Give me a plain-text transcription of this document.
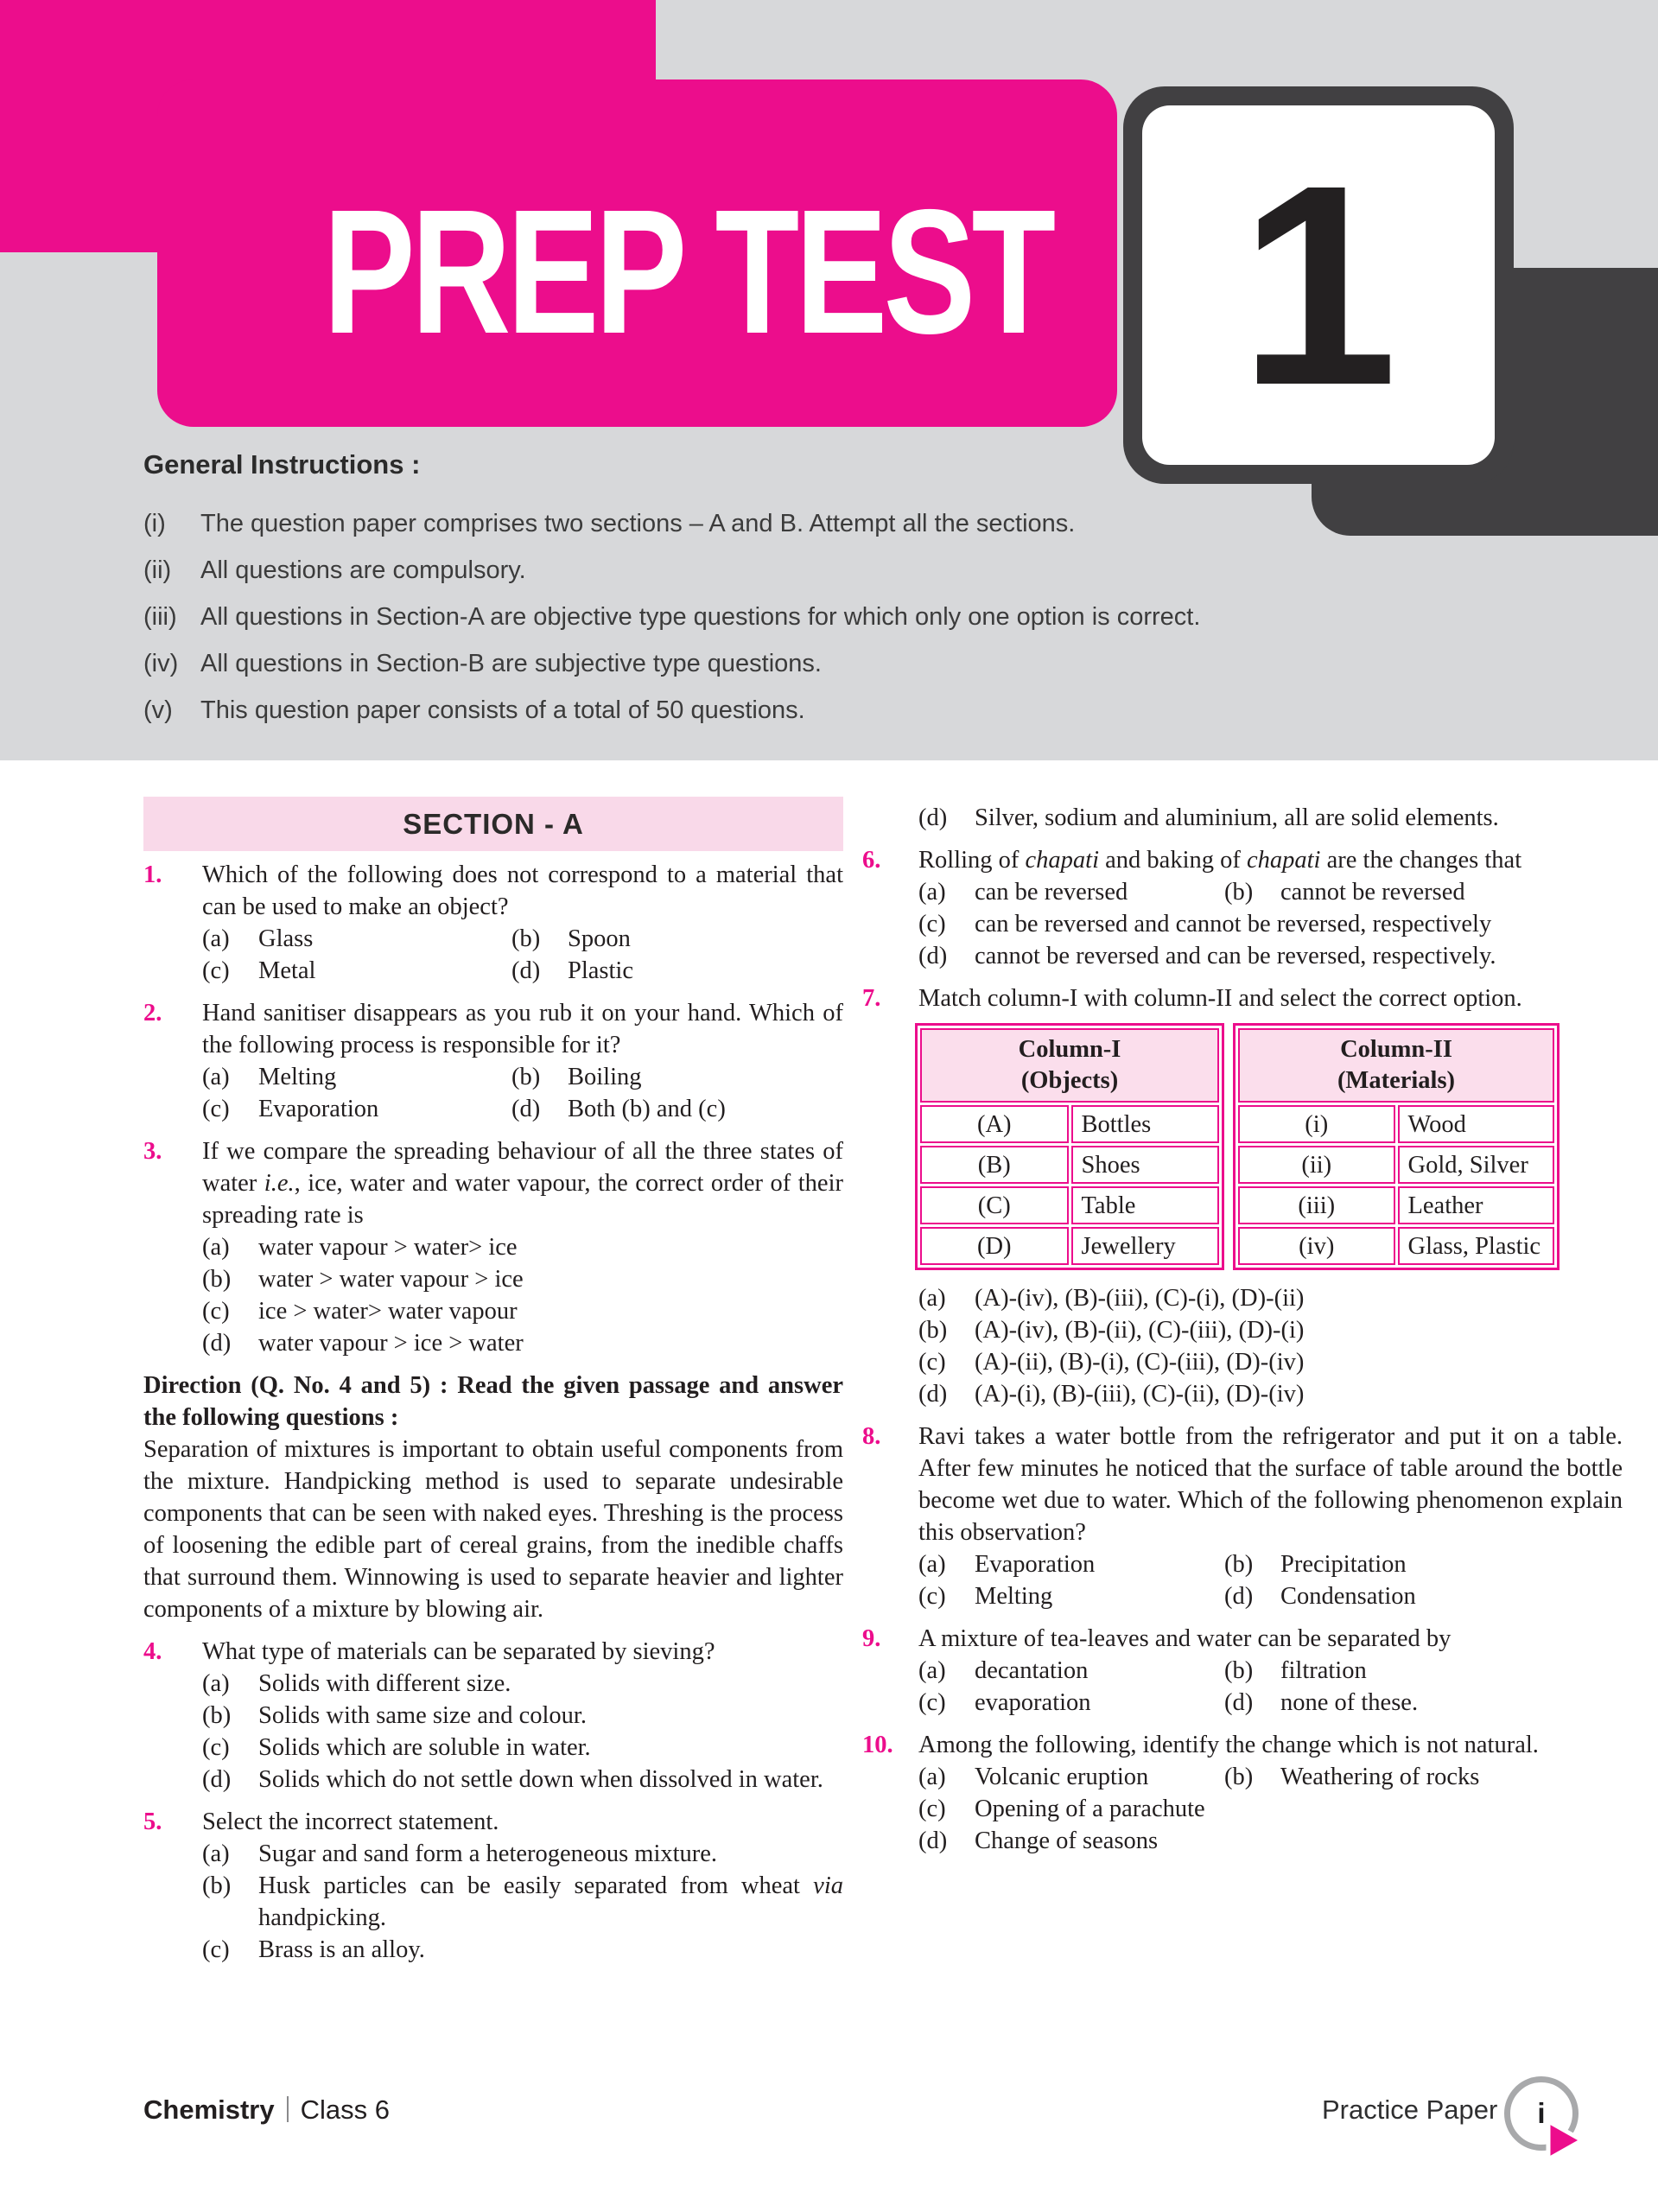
PREP TEST 1
General Instructions :
(i)	The question paper comprises two sections – A and B. Attempt all the sections.
(ii)	All questions are compulsory.
(iii) All questions in Section-A are objective type questions for which only one option is correct.
(iv) All questions in Section-B are subjective type questions.
(v)	This question paper consists of a total of 50 questions.
SECTION - A
1.	Which of the following does not correspond to a material that can be used to make an object?
(a)	Glass	(b)	Spoon
(c)	Metal	(d)	Plastic
2.	Hand sanitiser disappears as you rub it on your hand. Which of the following process is responsible for it?
(a)	Melting	(b)	Boiling
(c)	Evaporation	(d)	Both (b) and (c)
3.	If we compare the spreading behaviour of all the three states of water i.e., ice, water and water vapour, the correct order of their spreading rate is
(a)	water vapour > water> ice
(b)	water > water vapour > ice
(c)	ice > water> water vapour
(d)	water vapour > ice > water
Direction (Q. No. 4 and 5) : Read the given passage and answer the following questions :
Separation of mixtures is important to obtain useful components from the mixture. Handpicking method is used to separate undesirable components that can be seen with naked eyes. Threshing is the process of loosening the edible part of cereal grains, from the inedible chaffs that surround them. Winnowing is used to separate heavier and lighter components of a mixture by blowing air.
4.	What type of materials can be separated by sieving?
(a)	Solids with different size.
(b)	Solids with same size and colour.
(c)	Solids which are soluble in water.
(d)	Solids which do not settle down when dissolved in water.
5.	Select the incorrect statement.
(a)	Sugar and sand form a heterogeneous mixture.
(b)	Husk particles can be easily separated from wheat via handpicking.
(c)	Brass is an alloy.
(d)	Silver, sodium and aluminium, all are solid elements.
6.	Rolling of chapati and baking of chapati are the changes that
(a)	can be reversed	(b)	cannot be reversed
(c)	can be reversed and cannot be reversed, respectively
(d)	cannot be reversed and can be reversed, respectively.
7.	Match column-I with column-II and select the correct option.
Column-I
(Objects)	

(A)	Bottles
(B)	Shoes
(C)	Table
(D)	Jewellery
Column-II
(Materials)	

(i)	Wood
(ii)	Gold, Silver
(iii)	Leather
(iv)	Glass, Plastic
(a)	(A)-(iv), (B)-(iii), (C)-(i), (D)-(ii)
(b)	(A)-(iv), (B)-(ii), (C)-(iii), (D)-(i)
(c)	(A)-(ii), (B)-(i), (C)-(iii), (D)-(iv)
(d)	(A)-(i), (B)-(iii), (C)-(ii), (D)-(iv)
8.	Ravi takes a water bottle from the refrigerator and put it on a table. After few minutes he noticed that the surface of table around the bottle become wet due to water. Which of the following phenomenon explain this observation?
(a)	Evaporation	(b)	Precipitation
(c)	Melting	(d)	Condensation
9.	A mixture of tea-leaves and water can be separated by
(a)	decantation	(b)	filtration
(c)	evaporation	(d)	none of these.
10.	Among the following, identify the change which is not natural.
(a)	Volcanic eruption	(b)	Weathering of rocks
(c)	Opening of a parachute
(d)	Change of seasons
Chemistry Class 6	Practice Paper	i
